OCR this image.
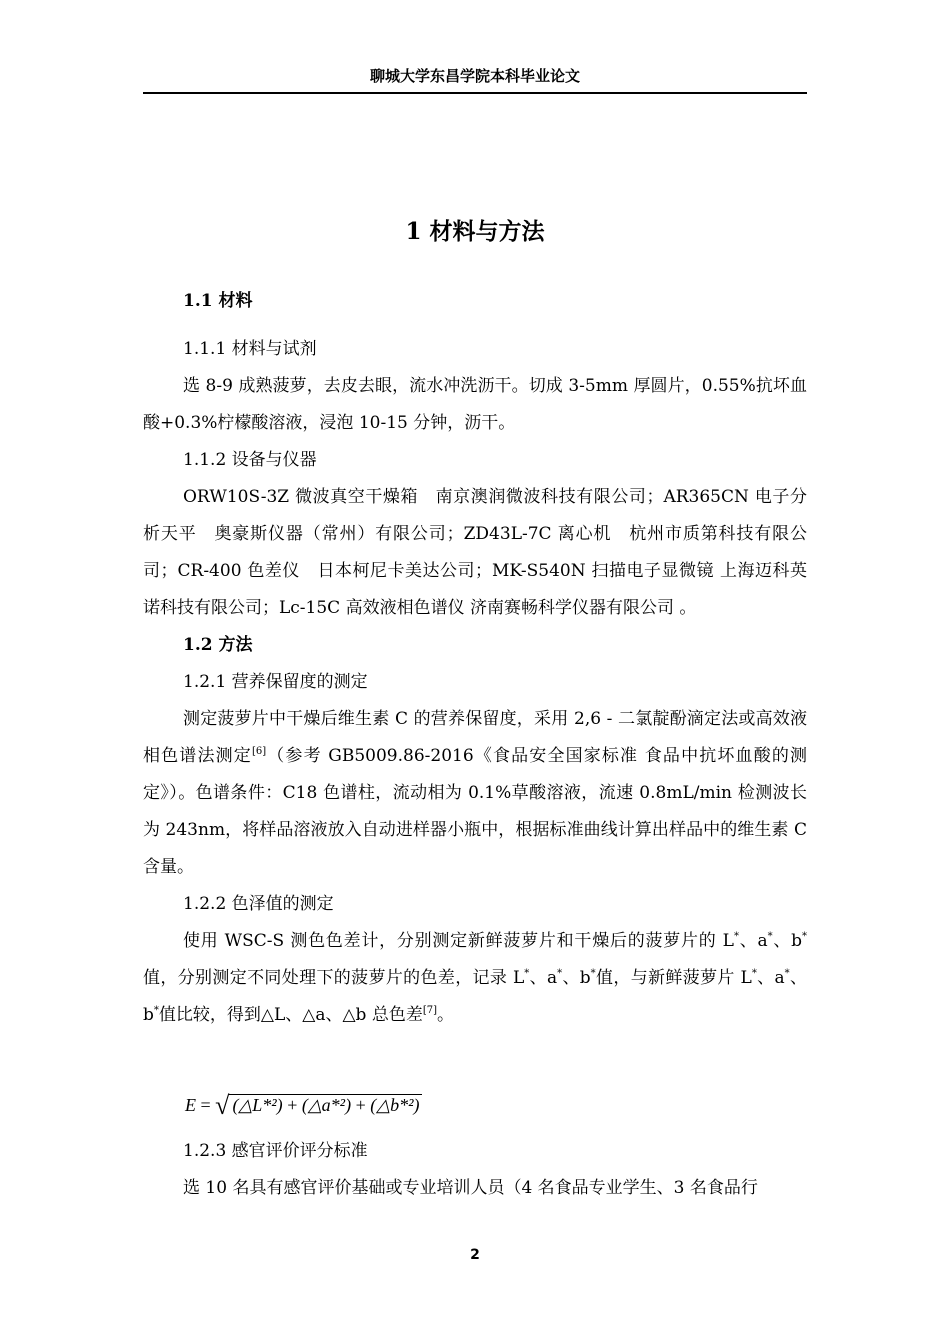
聊城大学东昌学院本科毕业论文
1 材料与方法

1.1 材料

1.1.1 材料与试剂

选 8-9 成熟菠萝，去皮去眼，流水冲洗沥干。切成 3-5mm 厚圆片，0.55%抗坏血酸+0.3%柠檬酸溶液，浸泡 10-15 分钟，沥干。

1.1.2 设备与仪器

ORW10S-3Z 微波真空干燥箱　南京澳润微波科技有限公司；AR365CN 电子分析天平　奥豪斯仪器（常州）有限公司；ZD43L-7C 离心机　杭州市质第科技有限公司；CR-400 色差仪　日本柯尼卡美达公司；MK-S540N 扫描电子显微镜 上海迈科英诺科技有限公司；Lc-15C 高效液相色谱仪 济南赛畅科学仪器有限公司 。

1.2 方法

1.2.1 营养保留度的测定

测定菠萝片中干燥后维生素 C 的营养保留度，采用 2,6 - 二氯靛酚滴定法或高效液相色谱法测定[6]（参考 GB5009.86-2016《食品安全国家标准 食品中抗坏血酸的测定》）。色谱条件：C18 色谱柱，流动相为 0.1%草酸溶液，流速 0.8mL/min 检测波长为 243nm，将样品溶液放入自动进样器小瓶中，根据标准曲线计算出样品中的维生素 C 含量。

1.2.2 色泽值的测定

使用 WSC-S 测色色差计，分别测定新鲜菠萝片和干燥后的菠萝片的 L*、a*、b*值，分别测定不同处理下的菠萝片的色差，记录 L*、a*、b*值，与新鲜菠萝片 L*、a*、b*值比较，得到△L、△a、△b 总色差[7]。

E = √ (△L*²) + (△a*²) + (△b*²)

1.2.3 感官评价评分标准

选 10 名具有感官评价基础或专业培训人员（4 名食品专业学生、3 名食品行

2
